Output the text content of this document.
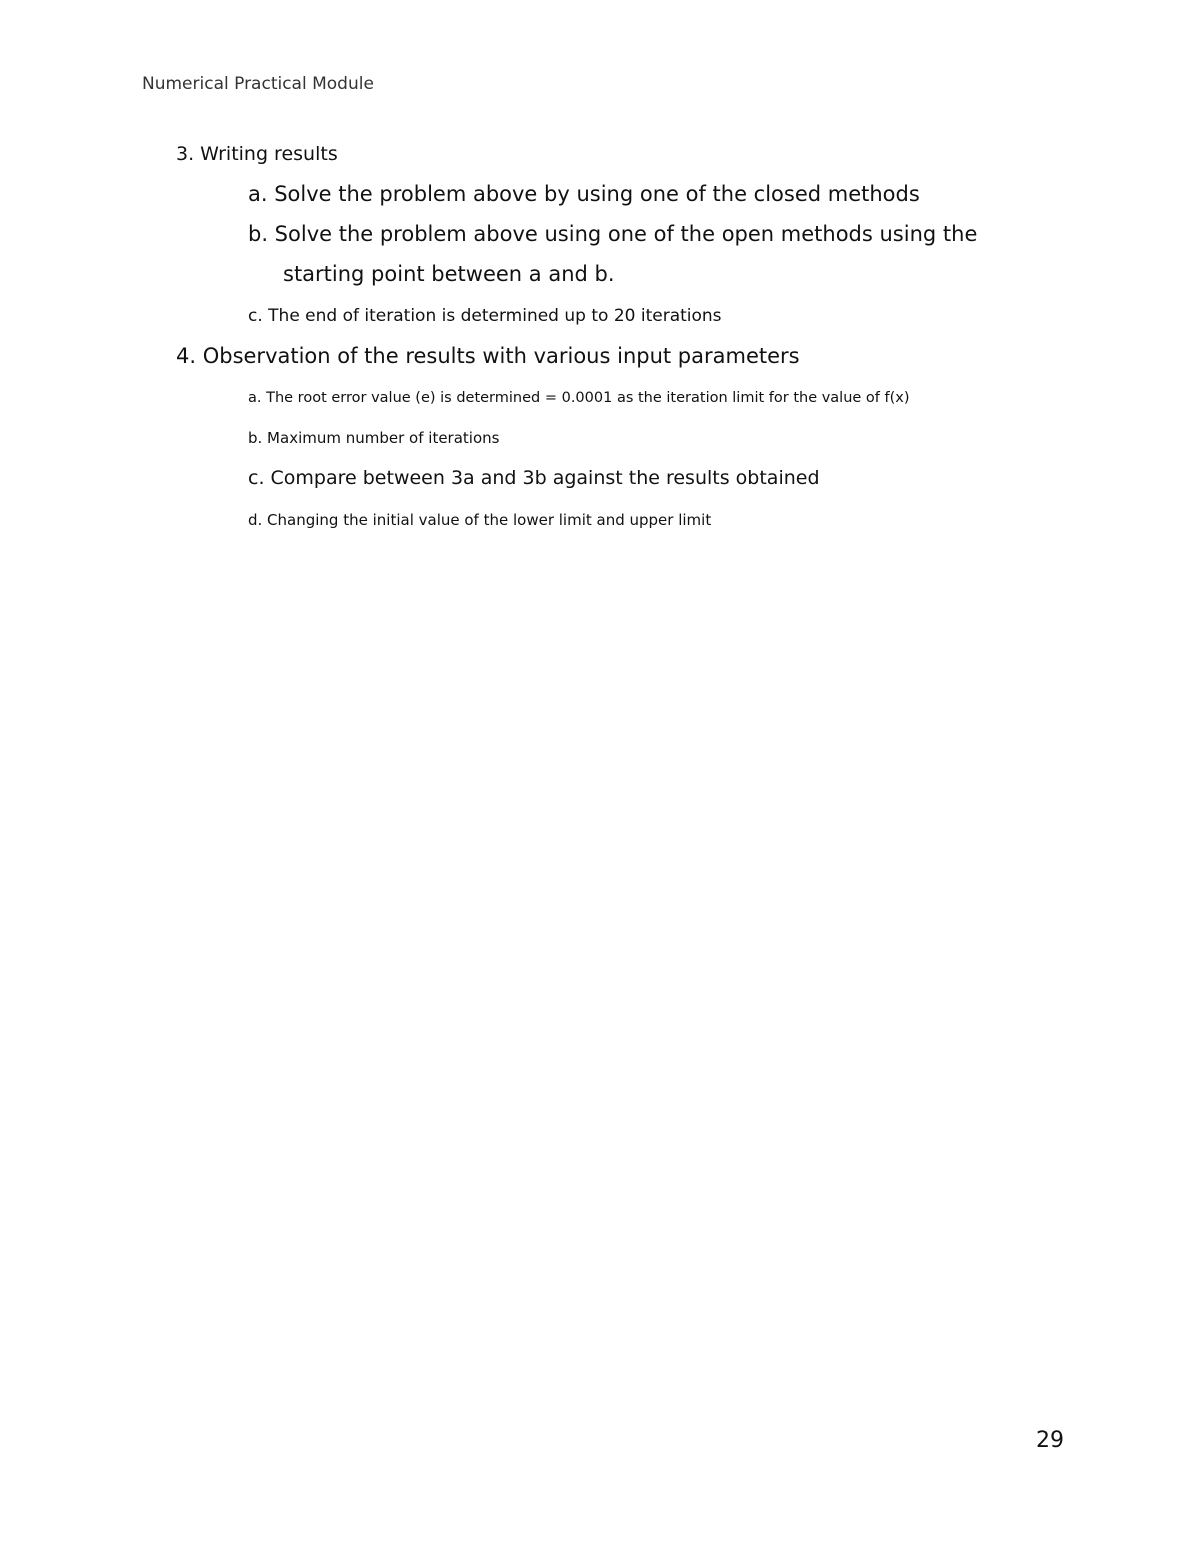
Numerical Practical Module
3. Writing results
a. Solve the problem above by using one of the closed methods
b. Solve the problem above using one of the open methods using the
starting point between a and b.
c. The end of iteration is determined up to 20 iterations
4. Observation of the results with various input parameters
a. The root error value (e) is determined = 0.0001 as the iteration limit for the value of f(x)
b. Maximum number of iterations
c. Compare between 3a and 3b against the results obtained
d. Changing the initial value of the lower limit and upper limit
29
